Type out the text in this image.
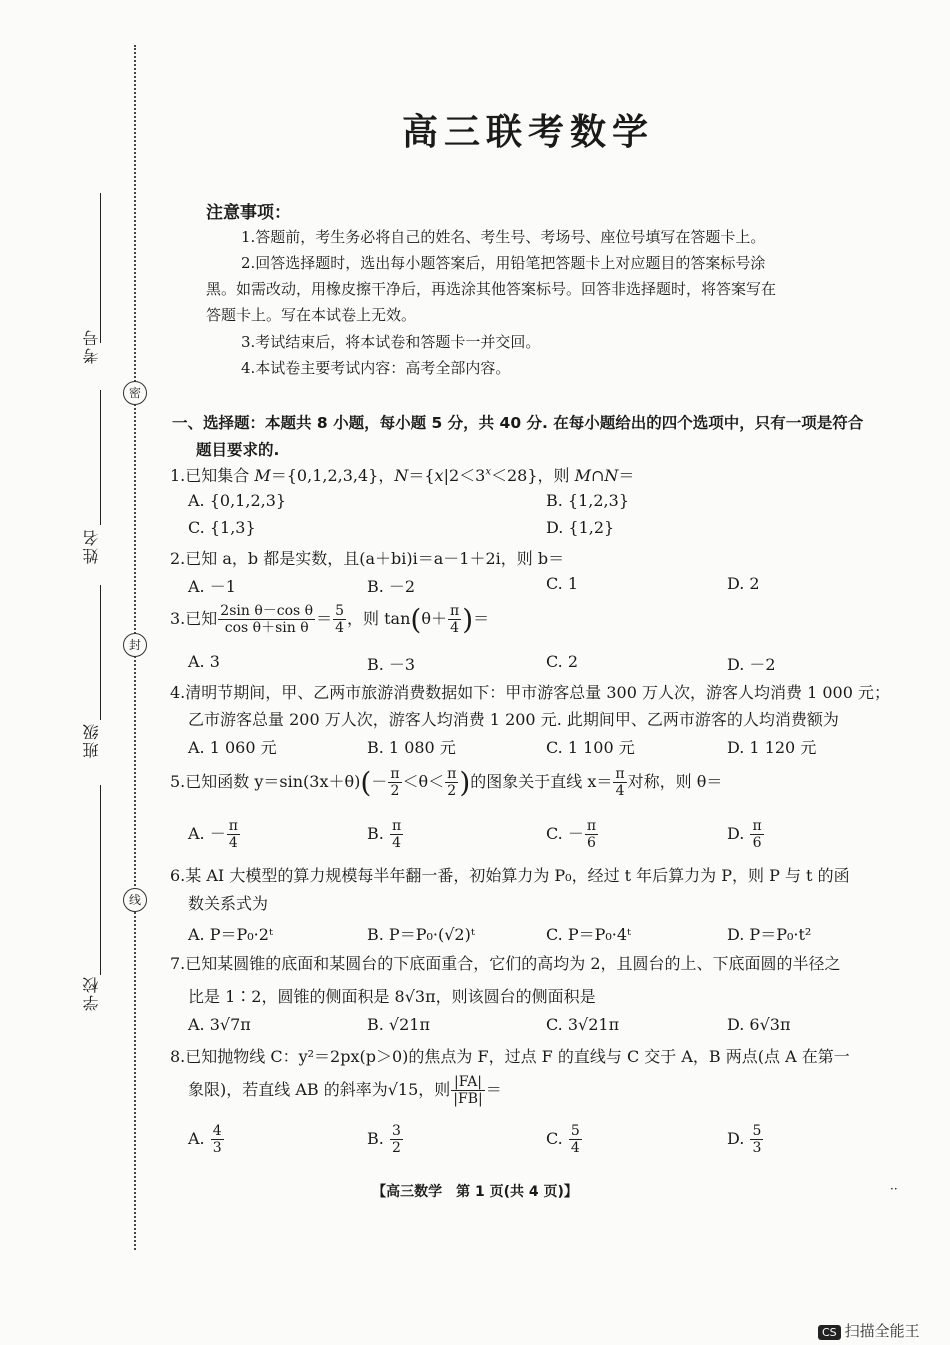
密
封
线
考号
姓名
班级
学校
高三联考数学
注意事项：
1.答题前，考生务必将自己的姓名、考生号、考场号、座位号填写在答题卡上。
2.回答选择题时，选出每小题答案后，用铅笔把答题卡上对应题目的答案标号涂
黑。如需改动，用橡皮擦干净后，再选涂其他答案标号。回答非选择题时，将答案写在
答题卡上。写在本试卷上无效。
3.考试结束后，将本试卷和答题卡一并交回。
4.本试卷主要考试内容：高考全部内容。
一、选择题：本题共 8 小题，每小题 5 分，共 40 分. 在每小题给出的四个选项中，只有一项是符合
题目要求的.
1.已知集合 M＝{0,1,2,3,4}，$N=\{x|2<3^x<28\}$，则 M∩N＝
A. {0,1,2,3}	B. {1,2,3}
C. {1,3}	D. {1,2}
2.已知 a，b 都是实数，且(a＋bi)i＝a－1＋2i，则 b＝
A. －1	B. －2	C. 1	D. 2
3.已知 $\frac{\text{2sin θ－cos θ}}{\text{cos θ＋sin θ}} = \frac{5}{4}$ ，则 $\tan(\theta+ \frac{\pi}{4}$ )＝
A. 3	B. －3	C. 2	D. －2
4.清明节期间，甲、乙两市旅游消费数据如下：甲市游客总量 300 万人次，游客人均消费 1 000 元；
乙市游客总量 200 万人次，游客人均消费 1 200 元. 此期间甲、乙两市游客的人均消费额为
A. 1 060 元	B. 1 080 元	C. 1 100 元	D. 1 120 元
5.已知函数 $y=\sin(3x+\theta)(- \frac{\pi}{2} <\theta< \frac{\pi}{2}$ )的图象关于直线 $x= \frac{\pi}{4}$ 对称，则 θ＝
A. － $\frac{\pi}{4}$	B. $\frac{\pi}{4}$	C. － $\frac{\pi}{6}$	D. $\frac{\pi}{6}$
6.某 AI 大模型的算力规模每半年翻一番，初始算力为 P₀，经过 t 年后算力为 P，则 P 与 t 的函
数关系式为
A. P＝P₀·2ᵗ	B. P＝P₀·(√2)ᵗ	C. P＝P₀·4ᵗ	D. P＝P₀·t²
7.已知某圆锥的底面和某圆台的下底面重合，它们的高均为 2，且圆台的上、下底面圆的半径之
比是 1∶2，圆锥的侧面积是 8√3π，则该圆台的侧面积是
A. 3√7π	B. √21π	C. 3√21π	D. 6√3π
8.已知抛物线 C：y²＝2px(p＞0)的焦点为 F，过点 F 的直线与 C 交于 A，B 两点(点 A 在第一
象限)，若直线 AB 的斜率为√15，则 $\frac{|FA|}{|FB|}$ ＝
A. $\frac{4}{3}$	B. $\frac{3}{2}$	C. $\frac{5}{4}$	D. $\frac{5}{3}$
【高三数学　第 1 页(共 4 页)】	··
CS 扫描全能王
